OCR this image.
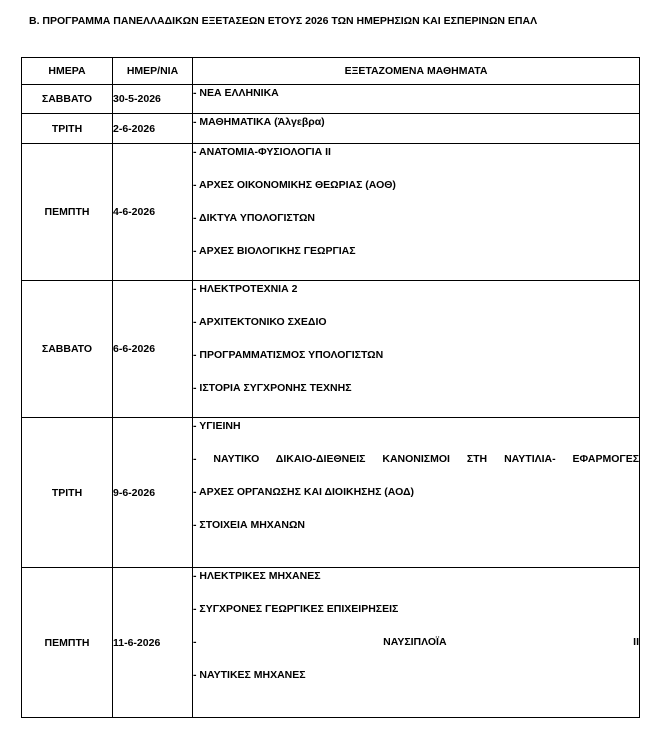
Β. ΠΡΟΓΡΑΜΜΑ ΠΑΝΕΛΛΑΔΙΚΩΝ ΕΞΕΤΑΣΕΩΝ ΕΤΟΥΣ 2026 ΤΩΝ ΗΜΕΡΗΣΙΩΝ ΚΑΙ ΕΣΠΕΡΙΝΩΝ ΕΠΑΛ
ΗΜΕΡΑ	ΗΜΕΡ/ΝΙΑ	ΕΞΕΤΑΖΟΜΕΝΑ ΜΑΘΗΜΑΤΑ
ΣΑΒΒΑΤΟ	30-5-2026	- ΝΕΑ ΕΛΛΗΝΙΚΑ

ΤΡΙΤΗ	2-6-2026	- ΜΑΘΗΜΑΤΙΚΑ (Άλγεβρα)

ΠΕΜΠΤΗ	4-6-2026	- ΑΝΑΤΟΜΙΑ-ΦΥΣΙΟΛΟΓΙΑ ΙΙ
- ΑΡΧΕΣ ΟΙΚΟΝΟΜΙΚΗΣ ΘΕΩΡΙΑΣ (ΑΟΘ)
- ΔΙΚΤΥΑ ΥΠΟΛΟΓΙΣΤΩΝ
- ΑΡΧΕΣ ΒΙΟΛΟΓΙΚΗΣ ΓΕΩΡΓΙΑΣ

ΣΑΒΒΑΤΟ	6-6-2026	- ΗΛΕΚΤΡΟΤΕΧΝΙΑ 2
- ΑΡΧΙΤΕΚΤΟΝΙΚΟ ΣΧΕΔΙΟ
- ΠΡΟΓΡΑΜΜΑΤΙΣΜΟΣ ΥΠΟΛΟΓΙΣΤΩΝ
- ΙΣΤΟΡΙΑ ΣΥΓΧΡΟΝΗΣ ΤΕΧΝΗΣ

ΤΡΙΤΗ	9-6-2026	- ΥΓΙΕΙΝΗ
- ΝΑΥΤΙΚΟ ΔΙΚΑΙΟ-ΔΙΕΘΝΕΙΣ ΚΑΝΟΝΙΣΜΟΙ ΣΤΗ ΝΑΥΤΙΛΙΑ- ΕΦΑΡΜΟΓΕΣ
- ΑΡΧΕΣ ΟΡΓΑΝΩΣΗΣ ΚΑΙ ΔΙΟΙΚΗΣΗΣ (ΑΟΔ)
- ΣΤΟΙΧΕΙΑ ΜΗΧΑΝΩΝ

ΠΕΜΠΤΗ	11-6-2026	- ΗΛΕΚΤΡΙΚΕΣ ΜΗΧΑΝΕΣ
- ΣΥΓΧΡΟΝΕΣ ΓΕΩΡΓΙΚΕΣ ΕΠΙΧΕΙΡΗΣΕΙΣ
- ΝΑΥΣΙΠΛΟΪΑ ΙΙ
- ΝΑΥΤΙΚΕΣ ΜΗΧΑΝΕΣ
